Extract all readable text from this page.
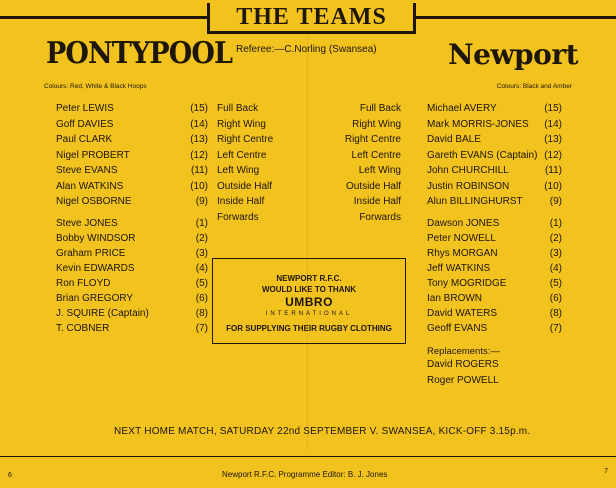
THE TEAMS
PONTYPOOL Referee:—C.Norling (Swansea)	Newport
Colours: Red, White & Black Hoops	Colours: Black and Amber
Peter LEWIS	(15)
Goff DAVIES	(14)
Paul CLARK	(13)
Nigel PROBERT	(12)
Steve EVANS	(11)
Alan WATKINS	(10)
Nigel OSBORNE	(9)
Steve JONES	(1)
Bobby WINDSOR	(2)
Graham PRICE	(3)
Kevin EDWARDS	(4)
Ron FLOYD	(5)
Brian GREGORY	(6)
J. SQUIRE (Captain)	(8)
T. COBNER	(7)
Full Back	Full Back
Right Wing	Right Wing
Right Centre	Right Centre
Left Centre	Left Centre
Left Wing	Left Wing
Outside Half	Outside Half
Inside Half	Inside Half
Forwards	Forwards
Michael AVERY	(15)
Mark MORRIS-JONES	(14)
David BALE	(13)
Gareth EVANS (Captain) (12)
John CHURCHILL	(11)
Justin ROBINSON	(10)
Alun BILLINGHURST	(9)
Dawson JONES	(1)
Peter NOWELL	(2)
Rhys MORGAN	(3)
Jeff WATKINS	(4)
Tony MOGRIDGE	(5)
Ian BROWN	(6)
David WATERS	(8)
Geoff EVANS	(7)
NEWPORT R.F.C.
WOULD LIKE TO THANK
UMBRO
INTERNATIONAL
FOR SUPPLYING THEIR RUGBY CLOTHING
Replacements:—
David ROGERS
Roger POWELL
NEXT HOME MATCH, SATURDAY 22nd SEPTEMBER V. SWANSEA, KICK-OFF 3.15p.m.
6	Newport R.F.C. Programme Editor: B. J. Jones	7
